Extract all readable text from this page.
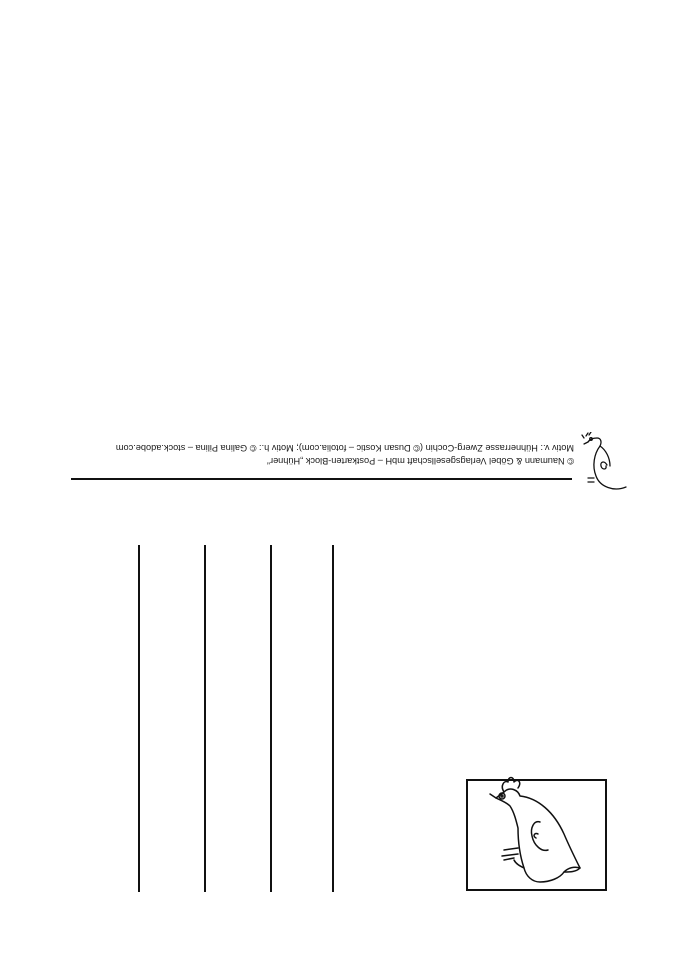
© Naumann & Göbel Verlagsgesellschaft mbH – Postkarten-Block „Hühner“
Motiv v.: Hühnerrasse Zwerg-Cochin (© Dusan Kostic – fotolia.com); Motiv h.: © Galina Pilina – stock.adobe.com
